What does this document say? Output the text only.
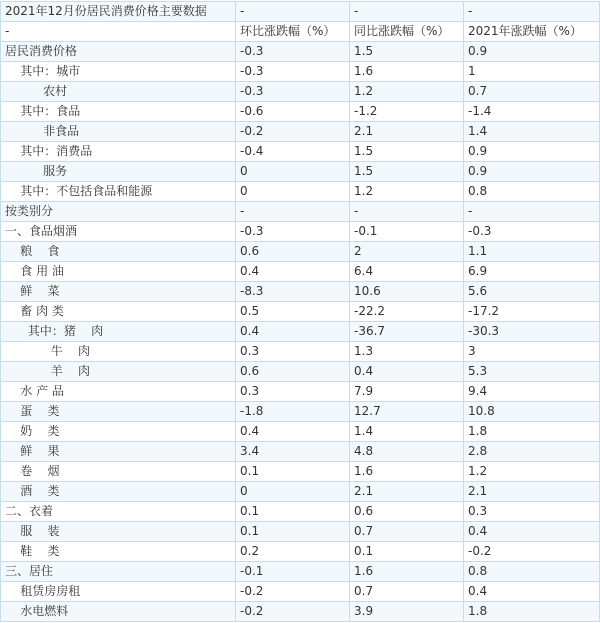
2021年12月份居民消费价格主要数据	-	-	-
-	环比涨跌幅（%）	同比涨跌幅（%）	2021年涨跌幅（%）
居民消费价格	-0.3	1.5	0.9
其中：城市	-0.3	1.6	1
农村	-0.3	1.2	0.7
其中：食品	-0.6	-1.2	-1.4
非食品	-0.2	2.1	1.4
其中：消费品	-0.4	1.5	0.9
服务	0	1.5	0.9
其中：不包括食品和能源	0	1.2	0.8
按类别分	-	-	-
一、食品烟酒	-0.3	-0.1	-0.3
粮    食	0.6	2	1.1
食 用 油	0.4	6.4	6.9
鲜    菜	-8.3	10.6	5.6
畜 肉 类	0.5	-22.2	-17.2
其中：猪    肉	0.4	-36.7	-30.3
牛    肉	0.3	1.3	3
羊    肉	0.6	0.4	5.3
水 产 品	0.3	7.9	9.4
蛋    类	-1.8	12.7	10.8
奶    类	0.4	1.4	1.8
鲜    果	3.4	4.8	2.8
卷    烟	0.1	1.6	1.2
酒    类	0	2.1	2.1
二、衣着	0.1	0.6	0.3
服    装	0.1	0.7	0.4
鞋    类	0.2	0.1	-0.2
三、居住	-0.1	1.6	0.8
租赁房房租	-0.2	0.7	0.4
水电燃料	-0.2	3.9	1.8
